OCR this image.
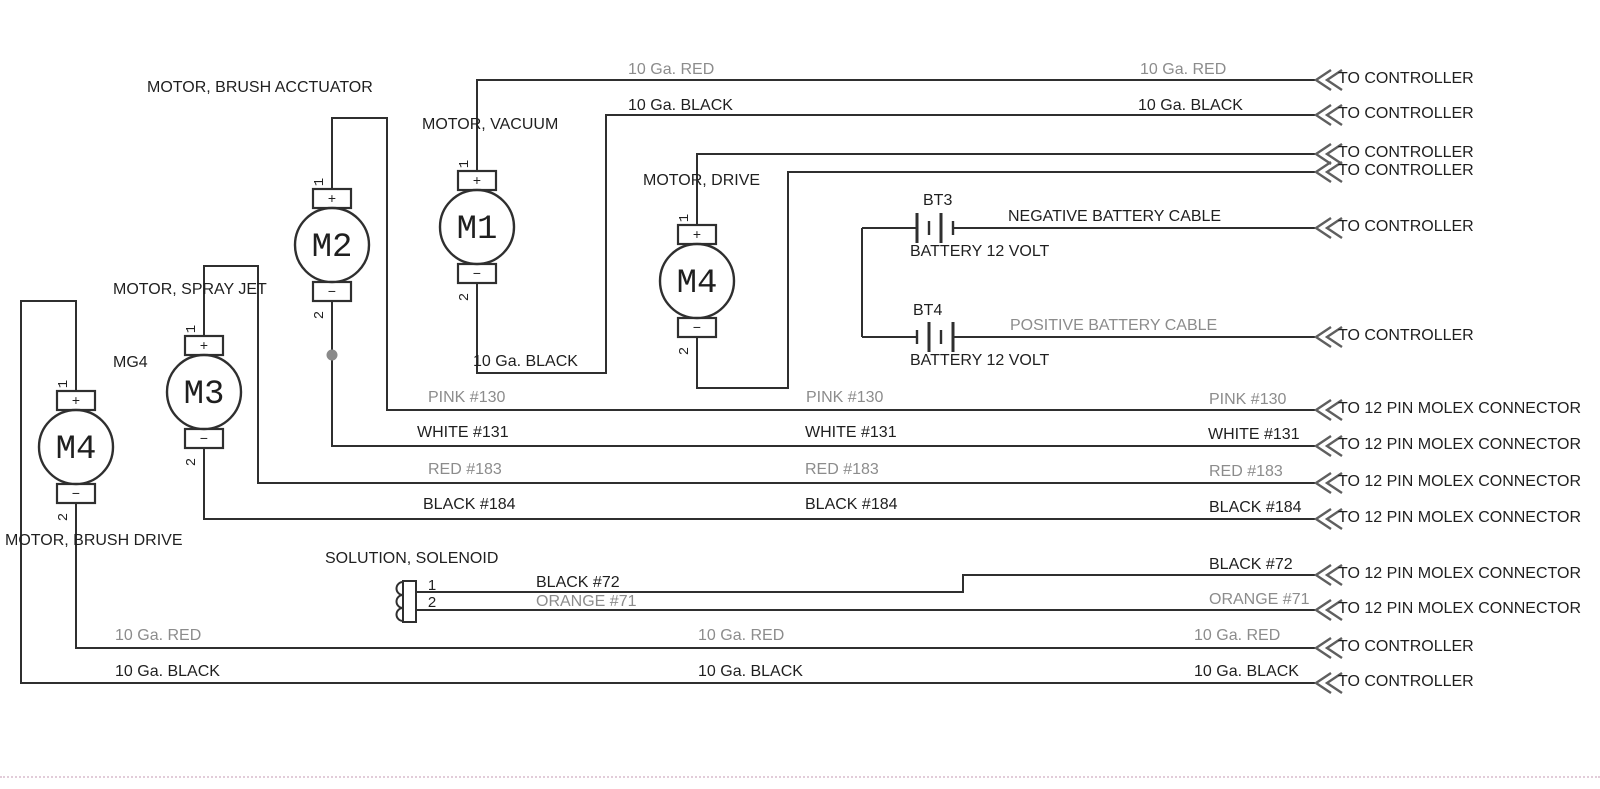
1
2
+
−
M1
1
2
+
−
M2
1
2
+
−
M3
1
2
+
−
M4
1
2
+
−
M4
1
2
SOLUTION, SOLENOID
BT3
BATTERY 12 VOLT
BT4
BATTERY 12 VOLT
MOTOR, VACUUM
MOTOR, BRUSH ACCTUATOR
MOTOR, SPRAY JET
MG4
MOTOR, BRUSH DRIVE
MOTOR, DRIVE
TO CONTROLLER
TO CONTROLLER
TO CONTROLLER
TO CONTROLLER
TO CONTROLLER
TO CONTROLLER
TO 12 PIN MOLEX CONNECTOR
TO 12 PIN MOLEX CONNECTOR
TO 12 PIN MOLEX CONNECTOR
TO 12 PIN MOLEX CONNECTOR
TO 12 PIN MOLEX CONNECTOR
TO 12 PIN MOLEX CONNECTOR
TO CONTROLLER
TO CONTROLLER
10 Ga. RED	10 Ga. RED
10 Ga. BLACK	10 Ga. BLACK
10 Ga. BLACK
NEGATIVE BATTERY CABLE
POSITIVE BATTERY CABLE
PINK #130	PINK #130	PINK #130
WHITE #131	WHITE #131	WHITE #131
RED #183	RED #183	RED #183
BLACK #184	BLACK #184	BLACK #184
BLACK #72
BLACK #72
ORANGE #71	ORANGE #71
10 Ga. RED	10 Ga. RED	10 Ga. RED
10 Ga. BLACK	10 Ga. BLACK	10 Ga. BLACK
